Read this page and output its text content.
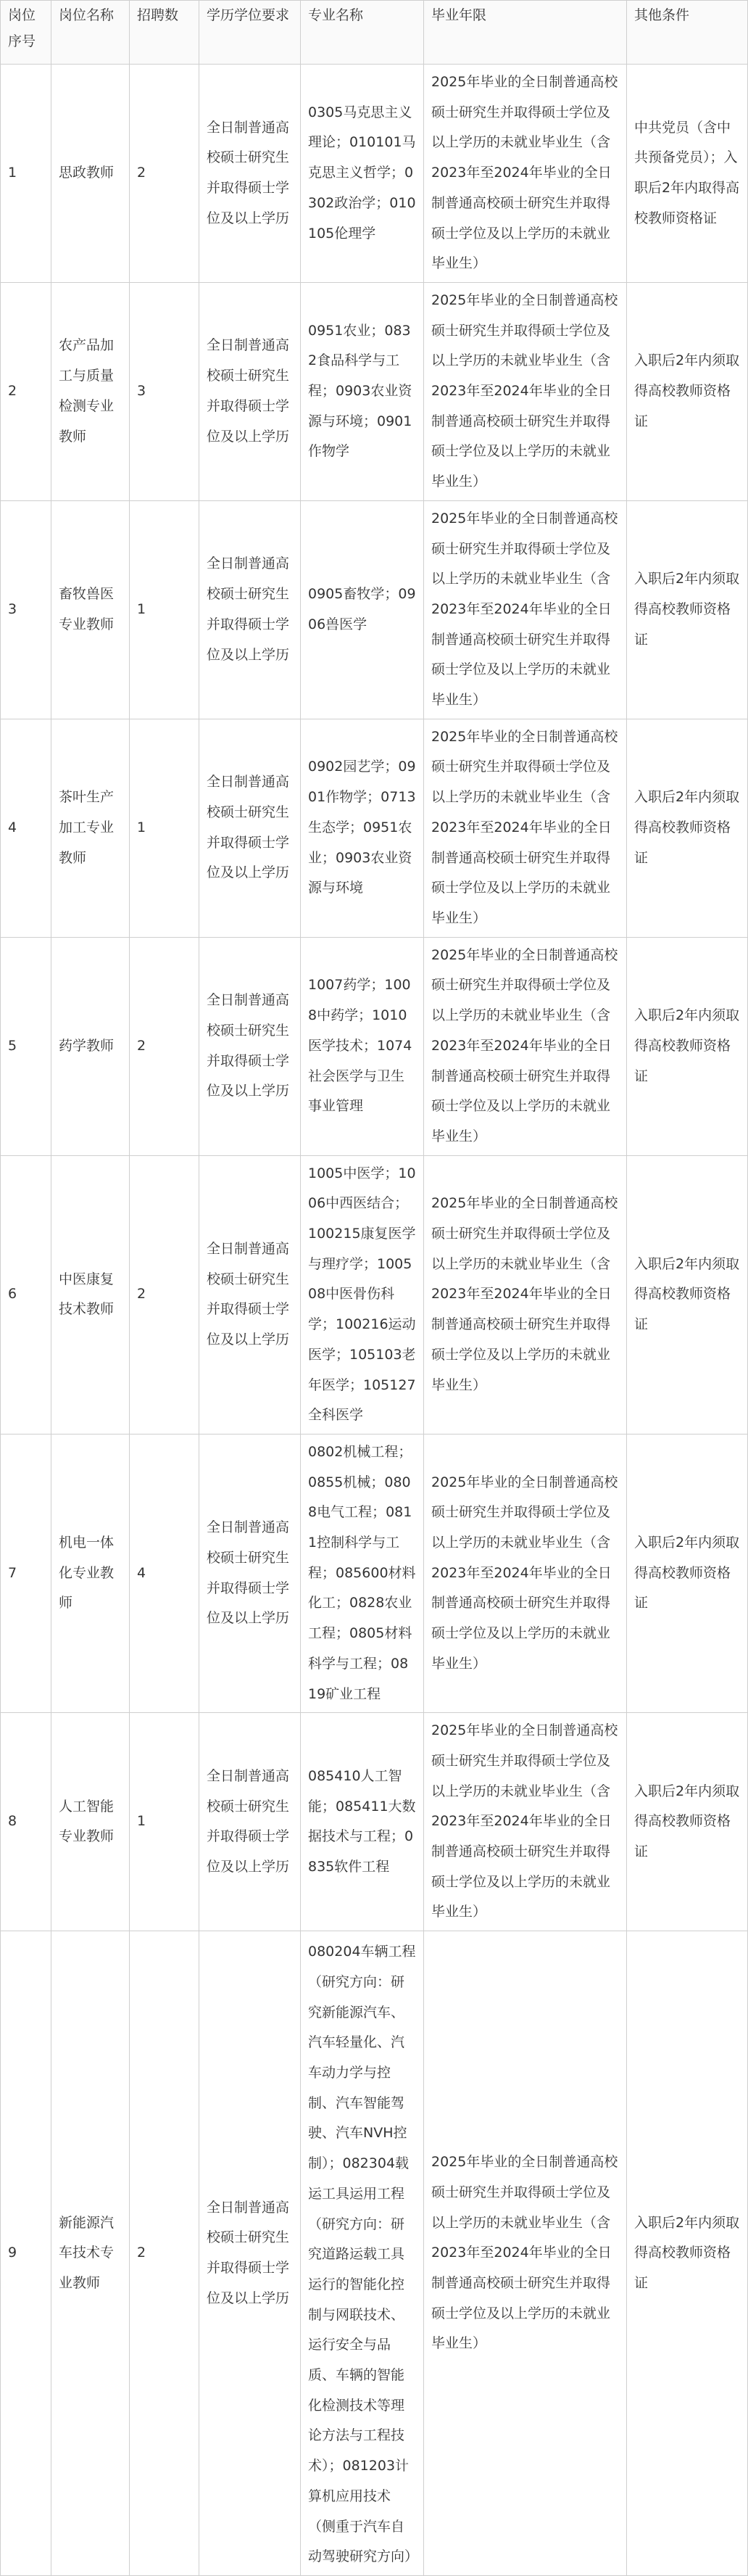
岗位序号	岗位名称	招聘数	学历学位要求	专业名称	毕业年限	其他条件
1	思政教师	2	全日制普通高校硕士研究生并取得硕士学位及以上学历	0305马克思主义理论；010101马克思主义哲学；0302政治学；010105伦理学	2025年毕业的全日制普通高校硕士研究生并取得硕士学位及以上学历的未就业毕业生（含2023年至2024年毕业的全日制普通高校硕士研究生并取得硕士学位及以上学历的未就业毕业生）	中共党员（含中共预备党员）；入职后2年内取得高校教师资格证
2	农产品加工与质量检测专业教师	3	全日制普通高校硕士研究生并取得硕士学位及以上学历	0951农业；0832食品科学与工程；0903农业资源与环境；0901作物学	2025年毕业的全日制普通高校硕士研究生并取得硕士学位及以上学历的未就业毕业生（含2023年至2024年毕业的全日制普通高校硕士研究生并取得硕士学位及以上学历的未就业毕业生）	入职后2年内须取得高校教师资格证
3	畜牧兽医专业教师	1	全日制普通高校硕士研究生并取得硕士学位及以上学历	0905畜牧学；0906兽医学	2025年毕业的全日制普通高校硕士研究生并取得硕士学位及以上学历的未就业毕业生（含2023年至2024年毕业的全日制普通高校硕士研究生并取得硕士学位及以上学历的未就业毕业生）	入职后2年内须取得高校教师资格证
4	茶叶生产加工专业教师	1	全日制普通高校硕士研究生并取得硕士学位及以上学历	0902园艺学；0901作物学；0713生态学；0951农业；0903农业资源与环境	2025年毕业的全日制普通高校硕士研究生并取得硕士学位及以上学历的未就业毕业生（含2023年至2024年毕业的全日制普通高校硕士研究生并取得硕士学位及以上学历的未就业毕业生）	入职后2年内须取得高校教师资格证
5	药学教师	2	全日制普通高校硕士研究生并取得硕士学位及以上学历	1007药学；1008中药学；1010医学技术；1074社会医学与卫生事业管理	2025年毕业的全日制普通高校硕士研究生并取得硕士学位及以上学历的未就业毕业生（含2023年至2024年毕业的全日制普通高校硕士研究生并取得硕士学位及以上学历的未就业毕业生）	入职后2年内须取得高校教师资格证
6	中医康复技术教师	2	全日制普通高校硕士研究生并取得硕士学位及以上学历	1005中医学；1006中西医结合；100215康复医学与理疗学；100508中医骨伤科学；100216运动医学；105103老年医学；105127全科医学	2025年毕业的全日制普通高校硕士研究生并取得硕士学位及以上学历的未就业毕业生（含2023年至2024年毕业的全日制普通高校硕士研究生并取得硕士学位及以上学历的未就业毕业生）	入职后2年内须取得高校教师资格证
7	机电一体化专业教师	4	全日制普通高校硕士研究生并取得硕士学位及以上学历	0802机械工程；0855机械；0808电气工程；0811控制科学与工程；085600材料化工；0828农业工程；0805材料科学与工程；0819矿业工程	2025年毕业的全日制普通高校硕士研究生并取得硕士学位及以上学历的未就业毕业生（含2023年至2024年毕业的全日制普通高校硕士研究生并取得硕士学位及以上学历的未就业毕业生）	入职后2年内须取得高校教师资格证
8	人工智能专业教师	1	全日制普通高校硕士研究生并取得硕士学位及以上学历	085410人工智能；085411大数据技术与工程；0835软件工程	2025年毕业的全日制普通高校硕士研究生并取得硕士学位及以上学历的未就业毕业生（含2023年至2024年毕业的全日制普通高校硕士研究生并取得硕士学位及以上学历的未就业毕业生）	入职后2年内须取得高校教师资格证
9	新能源汽车技术专业教师	2	全日制普通高校硕士研究生并取得硕士学位及以上学历	080204车辆工程（研究方向：研究新能源汽车、汽车轻量化、汽车动力学与控制、汽车智能驾驶、汽车NVH控制）；082304载运工具运用工程（研究方向：研究道路运载工具运行的智能化控制与网联技术、运行安全与品质、车辆的智能化检测技术等理论方法与工程技术）；081203计算机应用技术（侧重于汽车自动驾驶研究方向）	2025年毕业的全日制普通高校硕士研究生并取得硕士学位及以上学历的未就业毕业生（含2023年至2024年毕业的全日制普通高校硕士研究生并取得硕士学位及以上学历的未就业毕业生）	入职后2年内须取得高校教师资格证
